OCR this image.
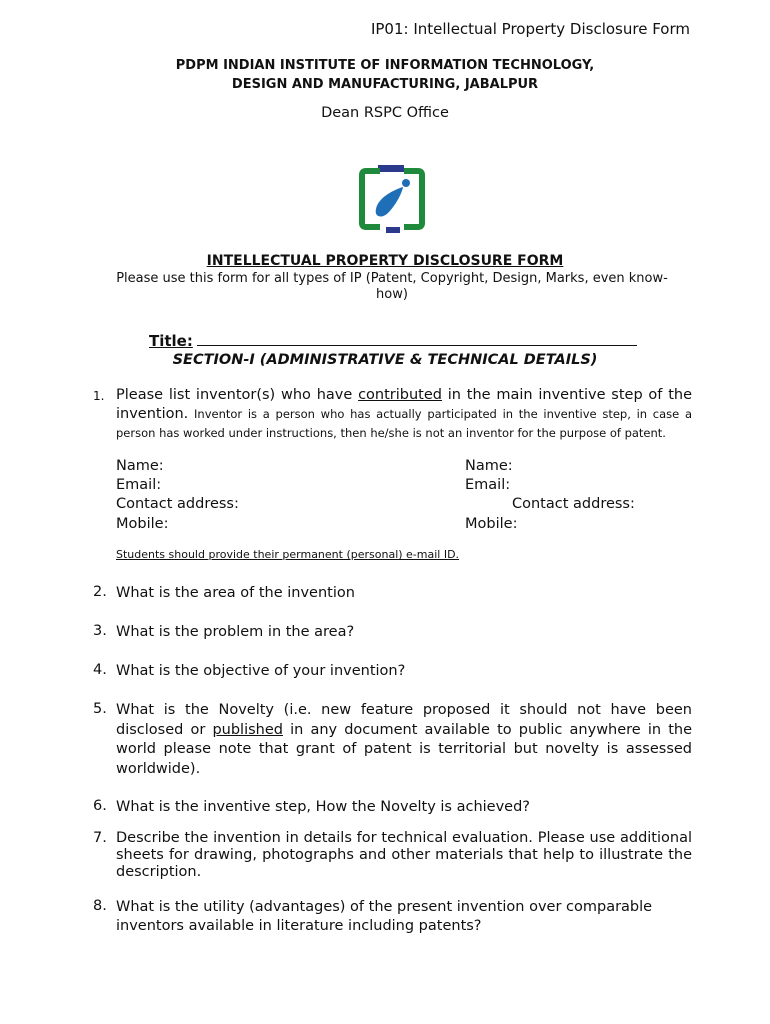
IP01: Intellectual Property Disclosure Form
PDPM INDIAN INSTITUTE OF INFORMATION TECHNOLOGY,
DESIGN AND MANUFACTURING, JABALPUR
Dean RSPC Office
INTELLECTUAL PROPERTY DISCLOSURE FORM
Please use this form for all types of IP (Patent, Copyright, Design, Marks, even know-how)
Title:
SECTION-I (ADMINISTRATIVE & TECHNICAL DETAILS)
1. Please list inventor(s) who have contributed in the main inventive step of the invention. Inventor is a person who has actually participated in the inventive step, in case a person has worked under instructions, then he/she is not an inventor for the purpose of patent.
Name:
Email:
Contact address:
Mobile:
Name:
Email:
Contact address:
Mobile:
Students should provide their permanent (personal) e-mail ID.
2. What is the area of the invention
3. What is the problem in the area?
4. What is the objective of your invention?
5. What is the Novelty (i.e. new feature proposed it should not have been disclosed or published in any document available to public anywhere in the world please note that grant of patent is territorial but novelty is assessed worldwide).
6. What is the inventive step, How the Novelty is achieved?
7. Describe the invention in details for technical evaluation. Please use additional sheets for drawing, photographs and other materials that help to illustrate the description.
8. What is the utility (advantages) of the present invention over comparable inventors available in literature including patents?
